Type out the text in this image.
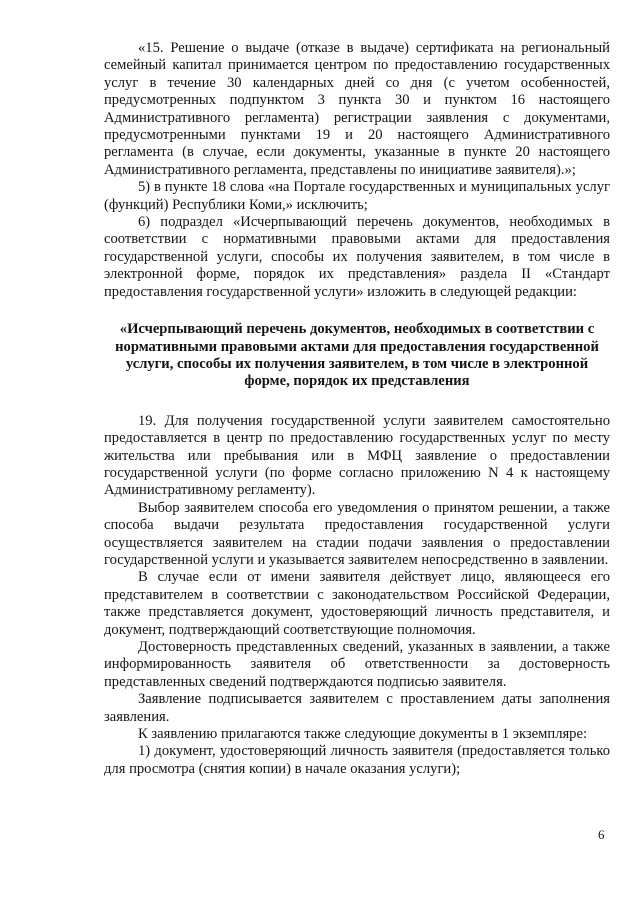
«15. Решение о выдаче (отказе в выдаче) сертификата на региональный семейный капитал принимается центром по предоставлению государственных услуг в течение 30 календарных дней со дня (с учетом особенностей, предусмотренных подпунктом 3 пункта 30 и пунктом 16 настоящего Административного регламента) регистрации заявления с документами, предусмотренными пунктами 19 и 20 настоящего Административного регламента (в случае, если документы, указанные в пункте 20 настоящего Административного регламента, представлены по инициативе заявителя).»;

5) в пункте 18 слова «на Портале государственных и муниципальных услуг (функций) Республики Коми,» исключить;

6) подраздел «Исчерпывающий перечень документов, необходимых в соответствии с нормативными правовыми актами для предоставления государственной услуги, способы их получения заявителем, в том числе в электронной форме, порядок их представления» раздела II «Стандарт предоставления государственной услуги» изложить в следующей редакции:

«Исчерпывающий перечень документов, необходимых в соответствии с нормативными правовыми актами для предоставления государственной услуги, способы их получения заявителем, в том числе в электронной форме, порядок их представления

19. Для получения государственной услуги заявителем самостоятельно предоставляется в центр по предоставлению государственных услуг по месту жительства или пребывания или в МФЦ заявление о предоставлении государственной услуги (по форме согласно приложению N 4 к настоящему Административному регламенту).

Выбор заявителем способа его уведомления о принятом решении, а также способа выдачи результата предоставления государственной услуги осуществляется заявителем на стадии подачи заявления о предоставлении государственной услуги и указывается заявителем непосредственно в заявлении.

В случае если от имени заявителя действует лицо, являющееся его представителем в соответствии с законодательством Российской Федерации, также представляется документ, удостоверяющий личность представителя, и документ, подтверждающий соответствующие полномочия.

Достоверность представленных сведений, указанных в заявлении, а также информированность заявителя об ответственности за достоверность представленных сведений подтверждаются подписью заявителя.

Заявление подписывается заявителем с проставлением даты заполнения заявления.

К заявлению прилагаются также следующие документы в 1 экземпляре:

1) документ, удостоверяющий личность заявителя (предоставляется только для просмотра (снятия копии) в начале оказания услуги);

6
